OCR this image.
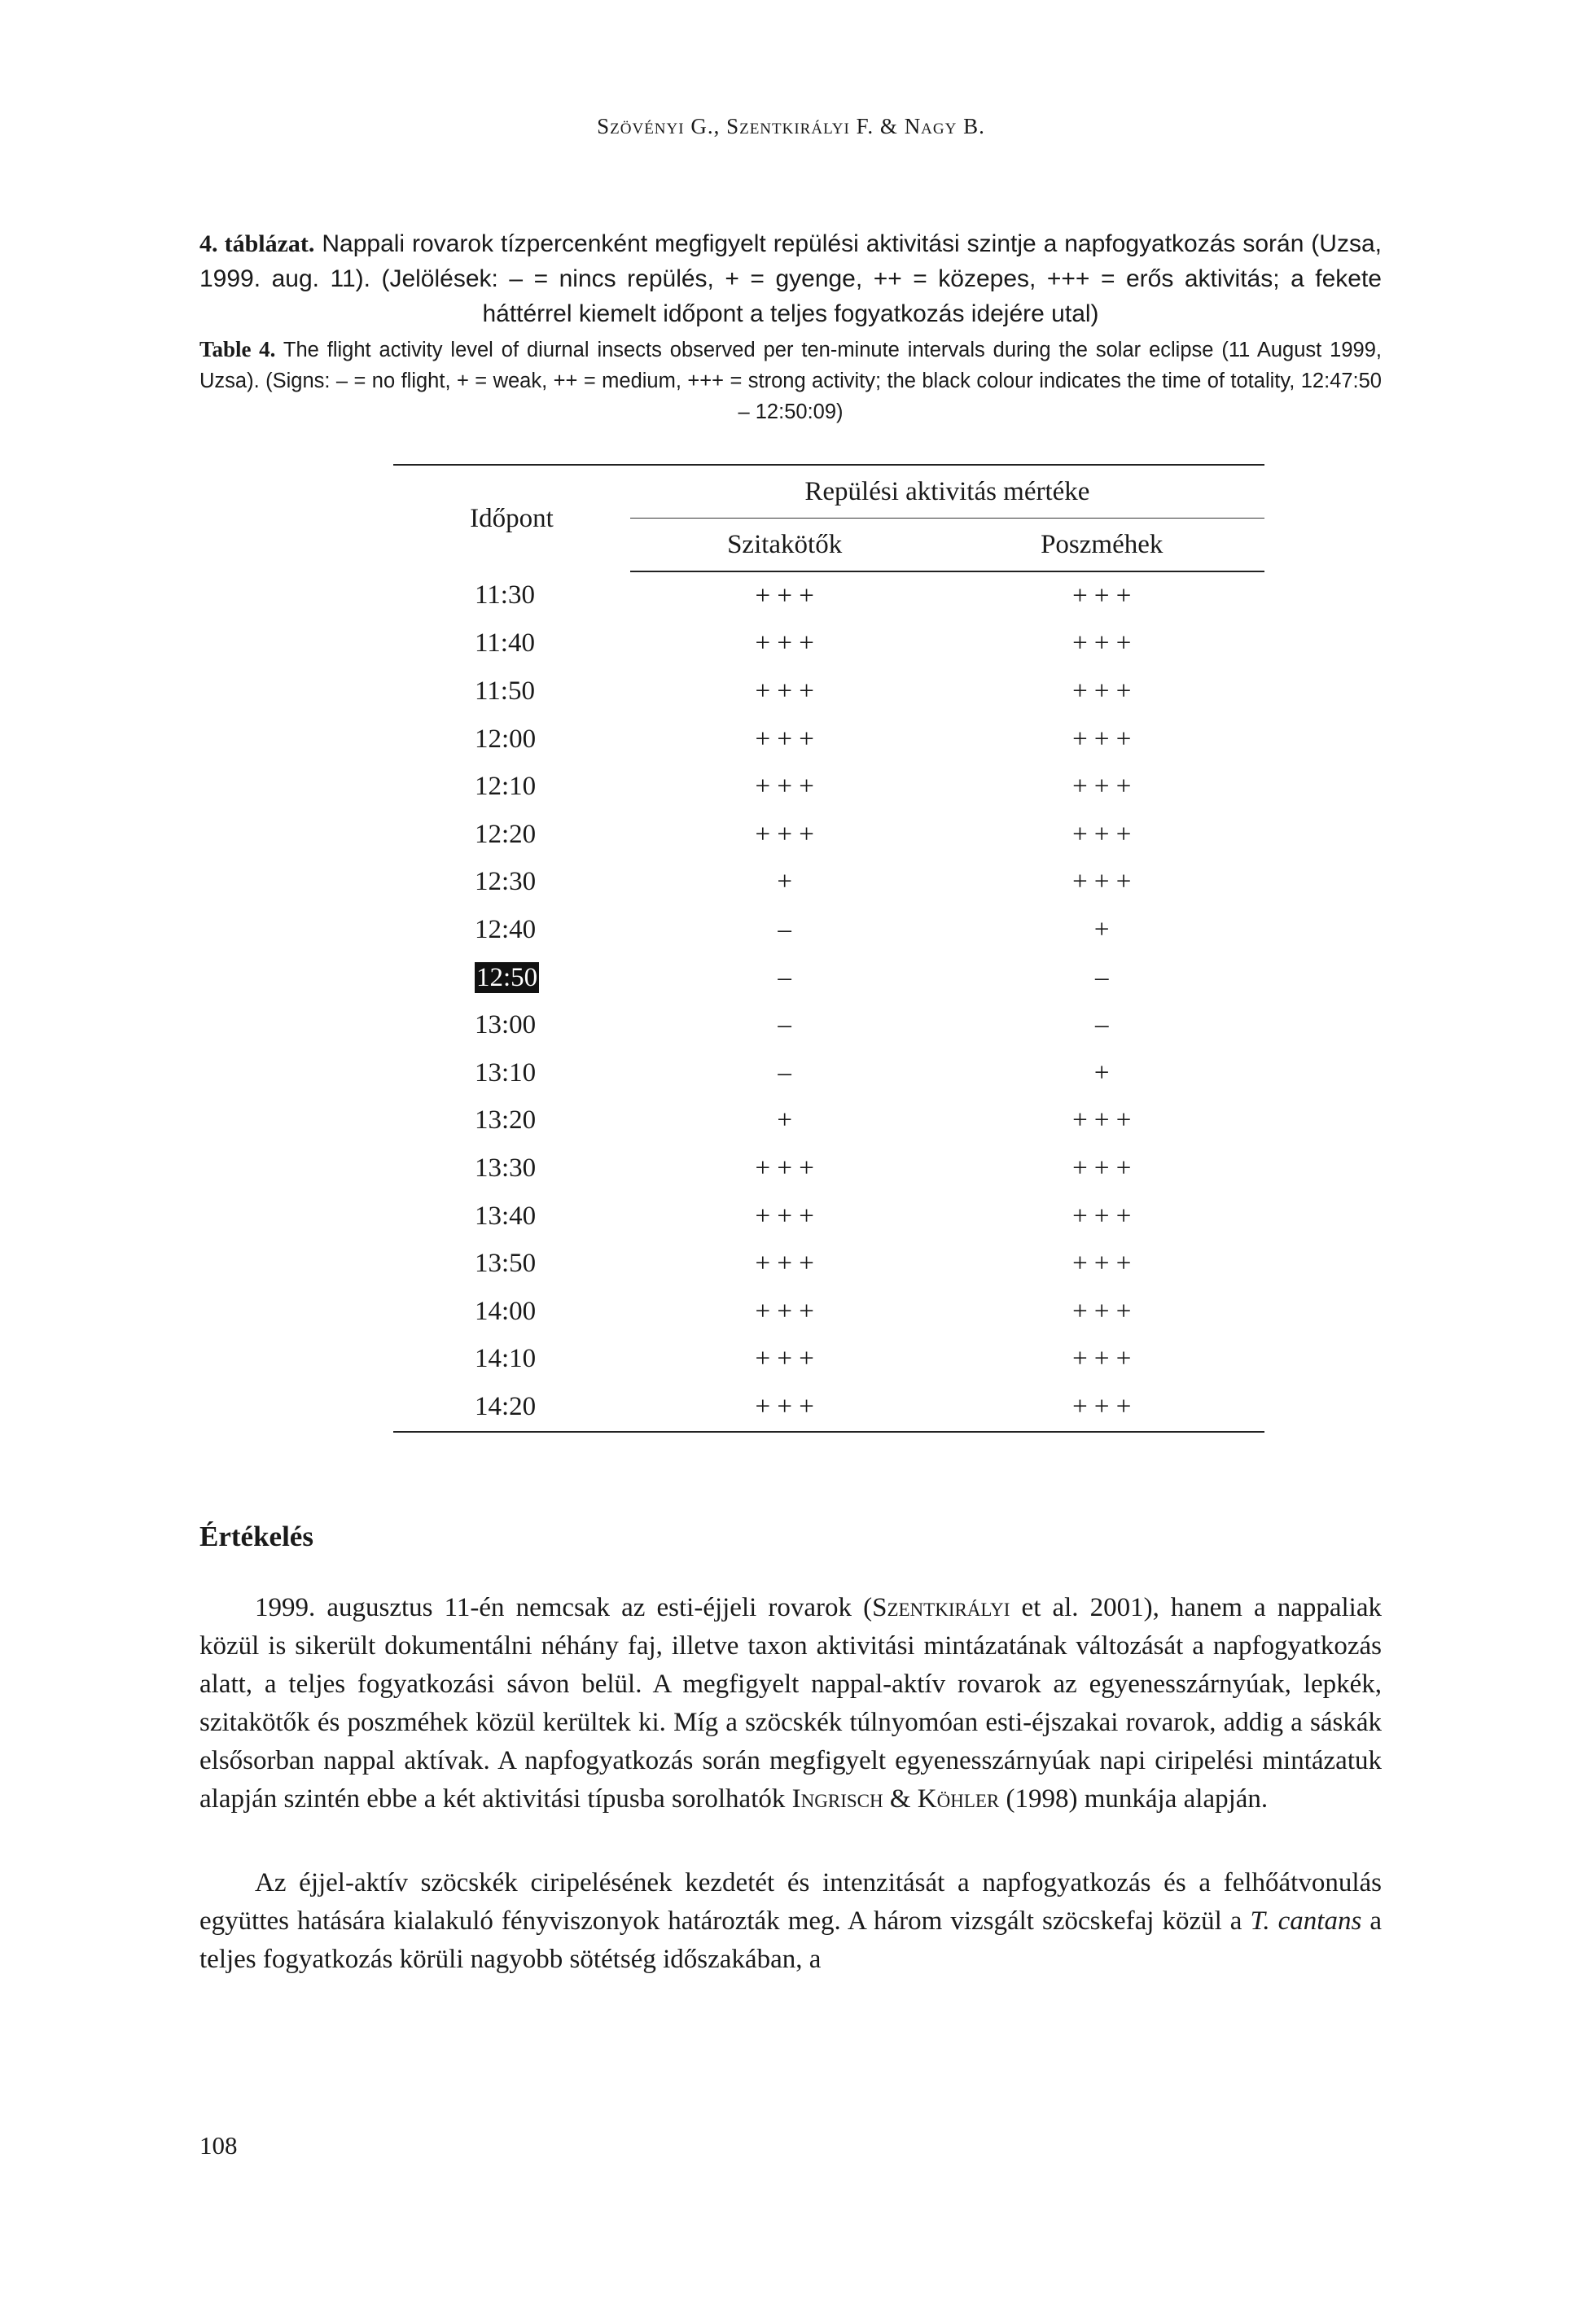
Szövényi G., Szentkirályi F. & Nagy B.
4. táblázat. Nappali rovarok tízpercenként megfigyelt repülési aktivitási szintje a napfogyatkozás során (Uzsa, 1999. aug. 11). (Jelölések: – = nincs repülés, + = gyenge, ++ = közepes, +++ = erős aktivitás; a fekete háttérrel kiemelt időpont a teljes fogyatkozás idejére utal)
Table 4. The flight activity level of diurnal insects observed per ten-minute intervals during the solar eclipse (11 August 1999, Uzsa). (Signs: – = no flight, + = weak, ++ = medium, +++ = strong activity; the black colour indicates the time of totality, 12:47:50 – 12:50:09)
Időpont	Repülési aktivitás mértéke	
	Szitakötők	Poszméhek
11:30	+ + +	+ + +
11:40	+ + +	+ + +
11:50	+ + +	+ + +
12:00	+ + +	+ + +
12:10	+ + +	+ + +
12:20	+ + +	+ + +
12:30	+	+ + +
12:40	–	+
12:50	–	–
13:00	–	–
13:10	–	+
13:20	+	+ + +
13:30	+ + +	+ + +
13:40	+ + +	+ + +
13:50	+ + +	+ + +
14:00	+ + +	+ + +
14:10	+ + +	+ + +
14:20	+ + +	+ + +
Értékelés

1999. augusztus 11-én nemcsak az esti-éjjeli rovarok (Szentkirályi et al. 2001), hanem a nappaliak közül is sikerült dokumentálni néhány faj, illetve taxon aktivitási mintázatának változását a napfogyatkozás alatt, a teljes fogyatkozási sávon belül. A megfigyelt nappal-aktív rovarok az egyenesszárnyúak, lepkék, szitakötők és poszméhek közül kerültek ki. Míg a szöcskék túlnyomóan esti-éjszakai rovarok, addig a sáskák elsősorban nappal aktívak. A napfogyatkozás során megfigyelt egyenesszárnyúak napi ciripelési mintázatuk alapján szintén ebbe a két aktivitási típusba sorolhatók Ingrisch & Köhler (1998) munkája alapján.

Az éjjel-aktív szöcskék ciripelésének kezdetét és intenzitását a napfogyatkozás és a felhőátvonulás együttes hatására kialakuló fényviszonyok határozták meg. A három vizsgált szöcskefaj közül a T. cantans a teljes fogyatkozás körüli nagyobb sötétség időszakában, a

108
